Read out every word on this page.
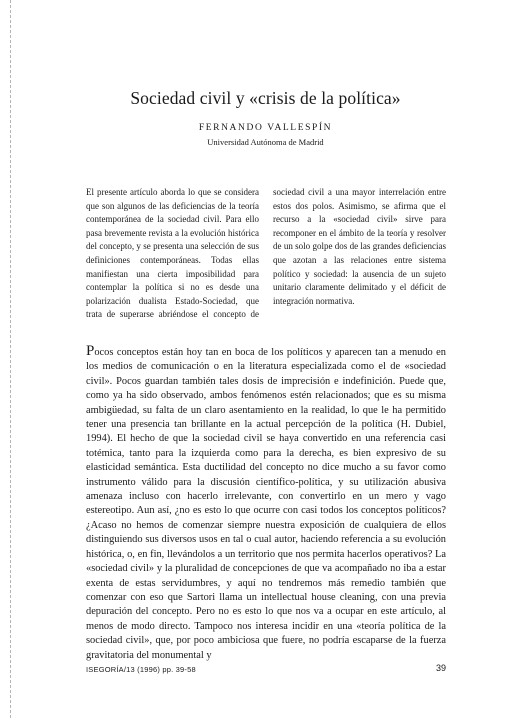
Sociedad civil y «crisis de la política»

FERNANDO VALLESPÍN

Universidad Autónoma de Madrid

El presente artículo aborda lo que se considera que son algunos de las deficiencias de la teoría contemporánea de la sociedad civil. Para ello pasa brevemente revista a la evolución histórica del concepto, y se presenta una selección de sus definiciones contemporáneas. Todas ellas manifiestan una cierta imposibilidad para contemplar la política si no es desde una polarización dualista Estado-Sociedad, que trata de superarse abriéndose el concepto de sociedad civil a una mayor interrelación entre estos dos polos. Asimismo, se afirma que el recurso a la «sociedad civil» sirve para recomponer en el ámbito de la teoría y resolver de un solo golpe dos de las grandes deficiencias que azotan a las relaciones entre sistema político y sociedad: la ausencia de un sujeto unitario claramente delimitado y el déficit de integración normativa.

Pocos conceptos están hoy tan en boca de los políticos y aparecen tan a menudo en los medios de comunicación o en la literatura especializada como el de «sociedad civil». Pocos guardan también tales dosis de imprecisión e indefinición. Puede que, como ya ha sido observado, ambos fenómenos estén relacionados; que es su misma ambigüedad, su falta de un claro asentamiento en la realidad, lo que le ha permitido tener una presencia tan brillante en la actual percepción de la política (H. Dubiel, 1994). El hecho de que la sociedad civil se haya convertido en una referencia casi totémica, tanto para la izquierda como para la derecha, es bien expresivo de su elasticidad semántica. Esta ductilidad del concepto no dice mucho a su favor como instrumento válido para la discusión científico-política, y su utilización abusiva amenaza incluso con hacerlo irrelevante, con convertirlo en un mero y vago estereotipo. Aun así, ¿no es esto lo que ocurre con casi todos los conceptos políticos? ¿Acaso no hemos de comenzar siempre nuestra exposición de cualquiera de ellos distinguiendo sus diversos usos en tal o cual autor, haciendo referencia a su evolución histórica, o, en fin, llevándolos a un territorio que nos permita hacerlos operativos? La «sociedad civil» y la pluralidad de concepciones de que va acompañado no iba a estar exenta de estas servidumbres, y aquí no tendremos más remedio también que comenzar con eso que Sartori llama un intellectual house cleaning, con una previa depuración del concepto. Pero no es esto lo que nos va a ocupar en este artículo, al menos de modo directo. Tampoco nos interesa incidir en una «teoría política de la sociedad civil», que, por poco ambiciosa que fuere, no podría escaparse de la fuerza gravitatoria del monumental y

ISEGORÍA/13 (1996) pp. 39-58	39
